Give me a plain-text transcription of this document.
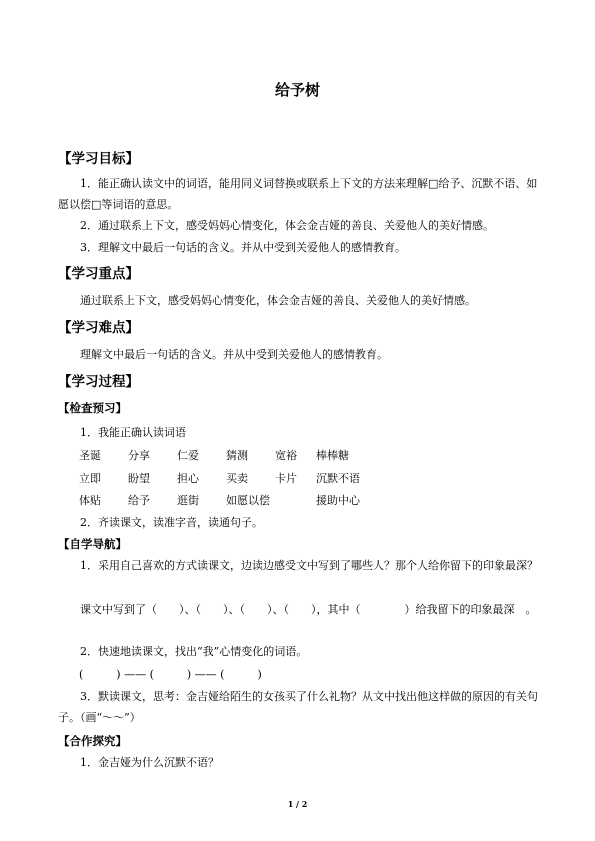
给予树
【学习目标】
1．能正确认读文中的词语，能用同义词替换或联系上下文的方法来理解□给予、沉默不语、如愿以偿□等词语的意思。
2．通过联系上下文，感受妈妈心情变化，体会金吉娅的善良、关爱他人的美好情感。
3．理解文中最后一句话的含义。并从中受到关爱他人的感情教育。
【学习重点】
通过联系上下文，感受妈妈心情变化，体会金吉娅的善良、关爱他人的美好情感。
【学习难点】
理解文中最后一句话的含义。并从中受到关爱他人的感情教育。
【学习过程】
【检查预习】
1．我能正确认读词语
圣诞 分享 仁爱 猜测 宽裕 棒棒糖
立即 盼望 担心 买卖 卡片 沉默不语
体贴 给予 逛街 如愿以偿	援助中心
2．齐读课文，读准字音，读通句子。
【自学导航】
1．采用自己喜欢的方式读课文，边读边感受文中写到了哪些人？那个人给你留下的印象最深？
课文中写到了（　　）、（　　）、（　　）、（　　），其中（　　　　）给我留下的印象最深　。
2．快速地读课文，找出“我”心情变化的词语。
(　　　) —— (　　　) —— (　　　)
3．默读课文，思考：金吉娅给陌生的女孩买了什么礼物？从文中找出他这样做的原因的有关句子。（画“～～”）
【合作探究】
1．金吉娅为什么沉默不语？
1 / 2
